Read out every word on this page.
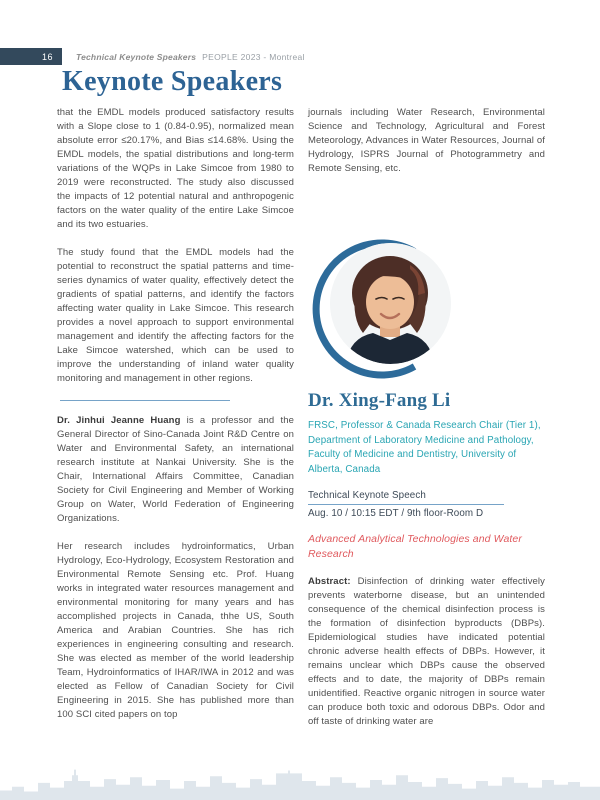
16	Technical Keynote Speakers PEOPLE 2023 - Montreal
Keynote Speakers

that the EMDL models produced satisfactory results with a Slope close to 1 (0.84-0.95), normalized mean absolute error ≤20.17%, and Bias ≤14.68%. Using the EMDL models, the spatial distributions and long-term variations of the WQPs in Lake Simcoe from 1980 to 2019 were reconstructed. The study also discussed the impacts of 12 potential natural and anthropogenic factors on the water quality of the entire Lake Simcoe and its two estuaries.

The study found that the EMDL models had the potential to reconstruct the spatial patterns and time-series dynamics of water quality, effectively detect the gradients of spatial patterns, and identify the factors affecting water quality in Lake Simcoe. This research provides a novel approach to support environmental management and identify the affecting factors for the Lake Simcoe watershed, which can be used to improve the understanding of inland water quality monitoring and management in other regions.

Dr. Jinhui Jeanne Huang is a professor and the General Director of Sino-Canada Joint R&D Centre on Water and Environmental Safety, an international research institute at Nankai University. She is the Chair, International Affairs Committee, Canadian Society for Civil Engineering and Member of Working Group on Water, World Federation of Engineering Organizations.

Her research includes hydroinformatics, Urban Hydrology, Eco-Hydrology, Ecosystem Restoration and Environmental Remote Sensing etc. Prof. Huang works in integrated water resources management and environmental monitoring for many years and has accomplished projects in Canada, thhe US, South America and Arabian Countries. She has rich experiences in engineering consulting and research. She was elected as member of the world leadership Team, Hydroinformatics of IHAR/IWA in 2012 and was elected as Fellow of Canadian Society for Civil Engineering in 2015. She has published more than 100 SCI cited papers on top

journals including Water Research, Environmental Science and Technology, Agricultural and Forest Meteorology, Advances in Water Resources, Journal of Hydrology, ISPRS Journal of Photogrammetry and Remote Sensing, etc.

Dr. Xing-Fang Li
FRSC, Professor & Canada Research Chair (Tier 1), Department of Laboratory Medicine and Pathology, Faculty of Medicine and Dentistry, University of Alberta, Canada
Technical Keynote Speech
Aug. 10 / 10:15 EDT / 9th floor-Room D
Advanced Analytical Technologies and Water Research

Abstract: Disinfection of drinking water effectively prevents waterborne disease, but an unintended consequence of the chemical disinfection process is the formation of disinfection byproducts (DBPs). Epidemiological studies have indicated potential chronic adverse health effects of DBPs. However, it remains unclear which DBPs cause the observed effects and to date, the majority of DBPs remain unidentified. Reactive organic nitrogen in source water can produce both toxic and odorous DBPs. Odor and off taste of drinking water are
